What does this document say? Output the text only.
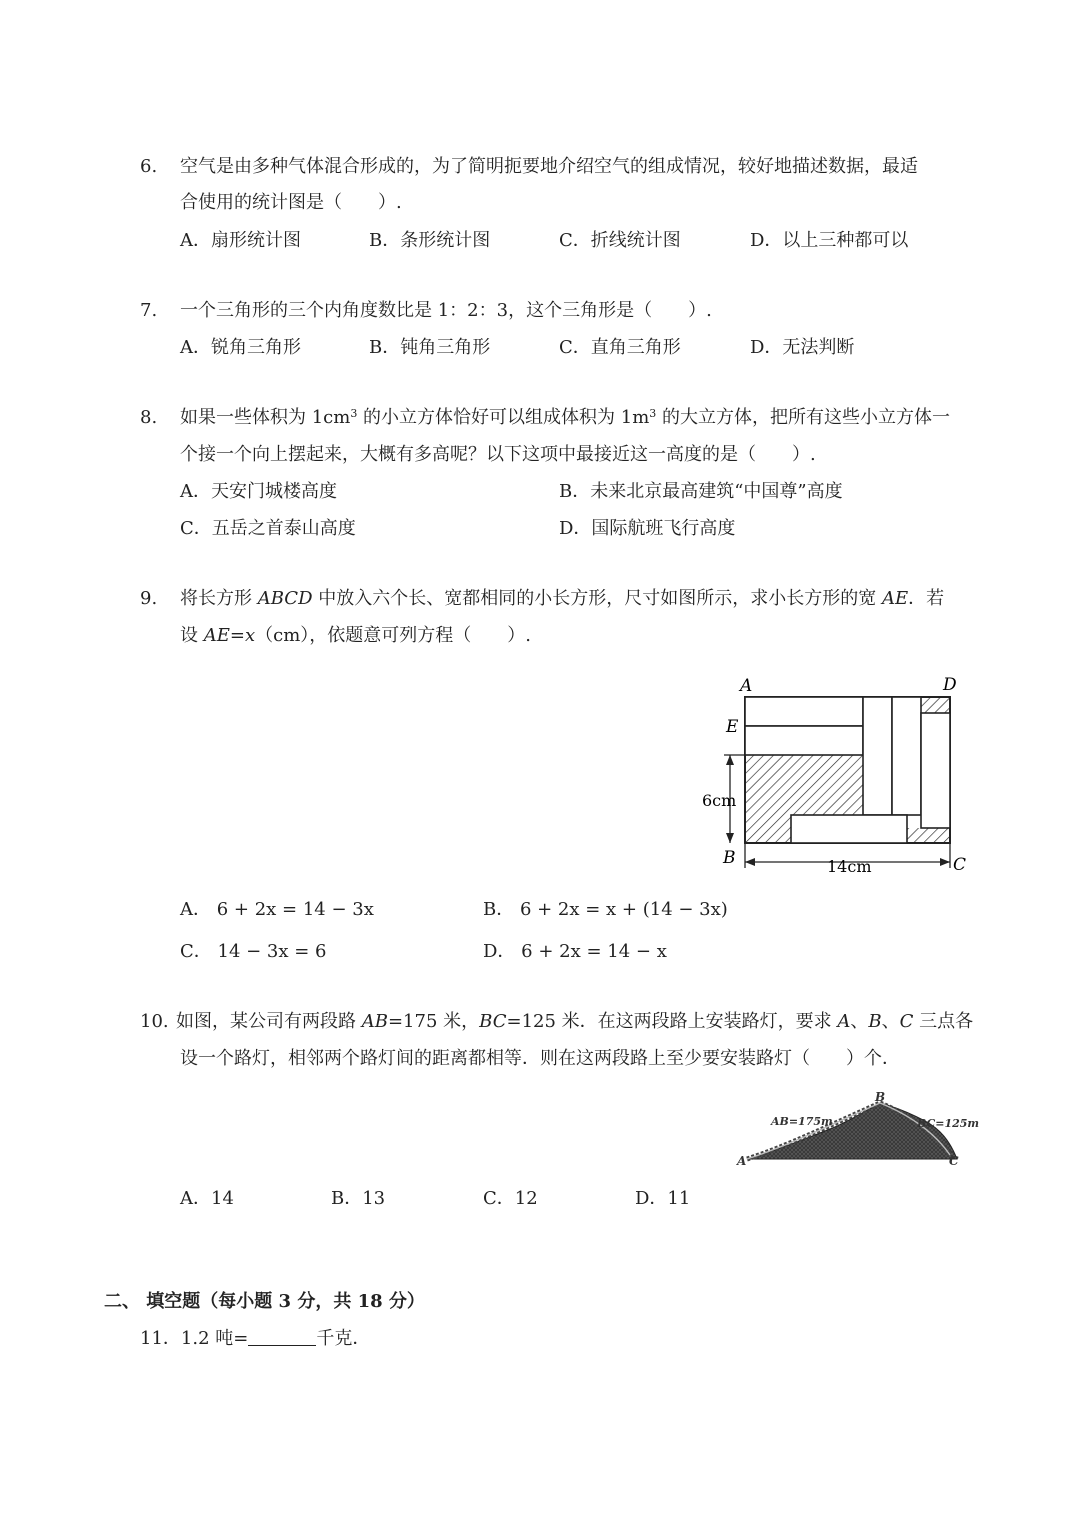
6. 空气是由多种气体混合形成的，为了简明扼要地介绍空气的组成情况，较好地描述数据，最适
合使用的统计图是（　　）.
A．扇形统计图	B．条形统计图	C．折线统计图	D．以上三种都可以
7. 一个三角形的三个内角度数比是 1：2：3，这个三角形是（　　）.
A．锐角三角形	B．钝角三角形	C．直角三角形	D．无法判断
8. 如果一些体积为 $1cm^3$ 的小立方体恰好可以组成体积为 $1m^3$ 的大立方体，把所有这些小立方体一
个接一个向上摆起来，大概有多高呢？以下这项中最接近这一高度的是（　　）.
A．天安门城楼高度	B．未来北京最高建筑“中国尊”高度
C．五岳之首泰山高度	D．国际航班飞行高度
9. 将长方形 ABCD 中放入六个长、宽都相同的小长方形，尺寸如图所示，求小长方形的宽 AE．若
设 AE=x（cm），依题意可列方程（　　）.
A	D
E
B	C
6cm
14cm
A． 6 + 2x = 14 − 3x	B． 6 + 2x = x + (14 − 3x)
C． 14 − 3x = 6	D． 6 + 2x = 14 − x
10. 如图，某公司有两段路 AB=175 米，BC=125 米．在这两段路上安装路灯，要求 A、B、C 三点各
设一个路灯，相邻两个路灯间的距离都相等．则在这两段路上至少要安装路灯（　　）个．
AB=175m	BC=125m
A
B
C
A．14	B．13	C．12	D．11
二、 填空题（每小题 3 分，共 18 分）
11．1.2 吨=	千克．
